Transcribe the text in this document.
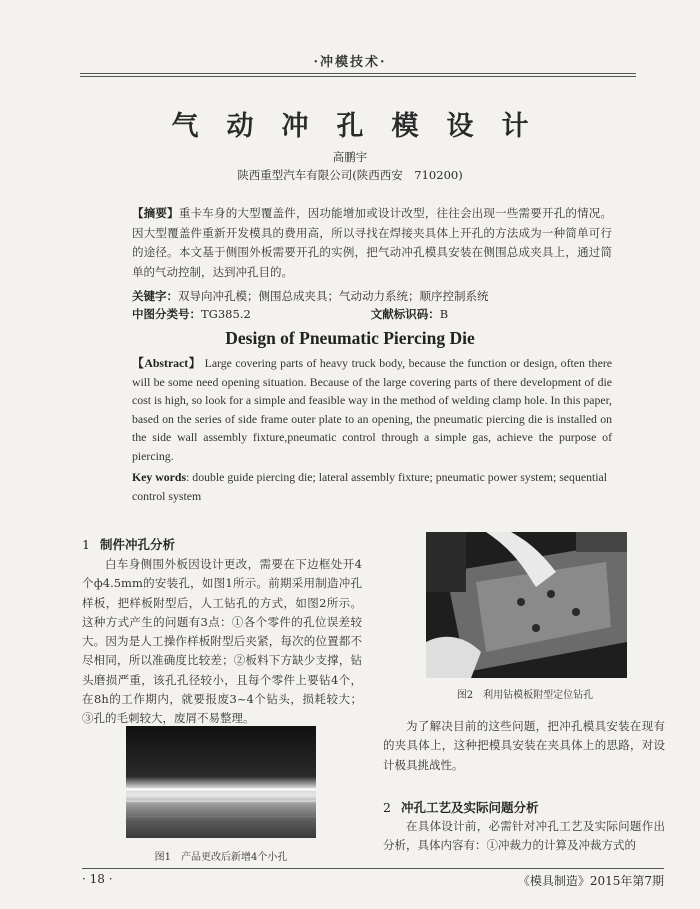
·冲模技术·
气动冲孔模设计
高鹏宇
陕西重型汽车有限公司(陕西西安　710200)
【摘要】重卡车身的大型覆盖件，因功能增加或设计改型，往往会出现一些需要开孔的情况。因大型覆盖件重新开发模具的费用高，所以寻找在焊接夹具体上开孔的方法成为一种简单可行的途径。本文基于侧围外板需要开孔的实例，把气动冲孔模具安装在侧围总成夹具上，通过简单的气动控制，达到冲孔目的。
关键字：双导向冲孔模；侧围总成夹具；气动动力系统；顺序控制系统
中图分类号：TG385.2	文献标识码：B
Design of Pneumatic Piercing Die
【Abstract】 Large covering parts of heavy truck body, because the function or design, often there will be some need opening situation. Because of the large covering parts of there development of die cost is high, so look for a simple and feasible way in the method of welding clamp hole. In this paper, based on the series of side frame outer plate to an opening, the pneumatic piercing die is installed on the side wall assembly fixture,pneumatic control through a simple gas, achieve the purpose of piercing.
Key words: double guide piercing die; lateral assembly fixture; pneumatic power system; sequential control system
1 制件冲孔分析
白车身侧围外板因设计更改，需要在下边框处开4个ф4.5mm的安装孔，如图1所示。前期采用制造冲孔样板，把样板附型后，人工钻孔的方式，如图2所示。这种方式产生的问题有3点：①各个零件的孔位误差较大。因为是人工操作样板附型后夹紧，每次的位置都不尽相同，所以准确度比较差；②板料下方缺少支撑，钻头磨损严重，该孔孔径较小，且每个零件上要钻4个，在8h的工作期内，就要报废3~4个钻头，损耗较大；③孔的毛刺较大，废屑不易整理。
图1　产品更改后新增4个小孔
图2　利用钻模板附型定位钻孔
为了解决目前的这些问题，把冲孔模具安装在现有的夹具体上，这种把模具安装在夹具体上的思路，对设计极具挑战性。
2 冲孔工艺及实际问题分析
在具体设计前，必需针对冲孔工艺及实际问题作出分析，具体内容有：①冲裁力的计算及冲裁方式的
· 18 ·	《模具制造》2015年第7期
